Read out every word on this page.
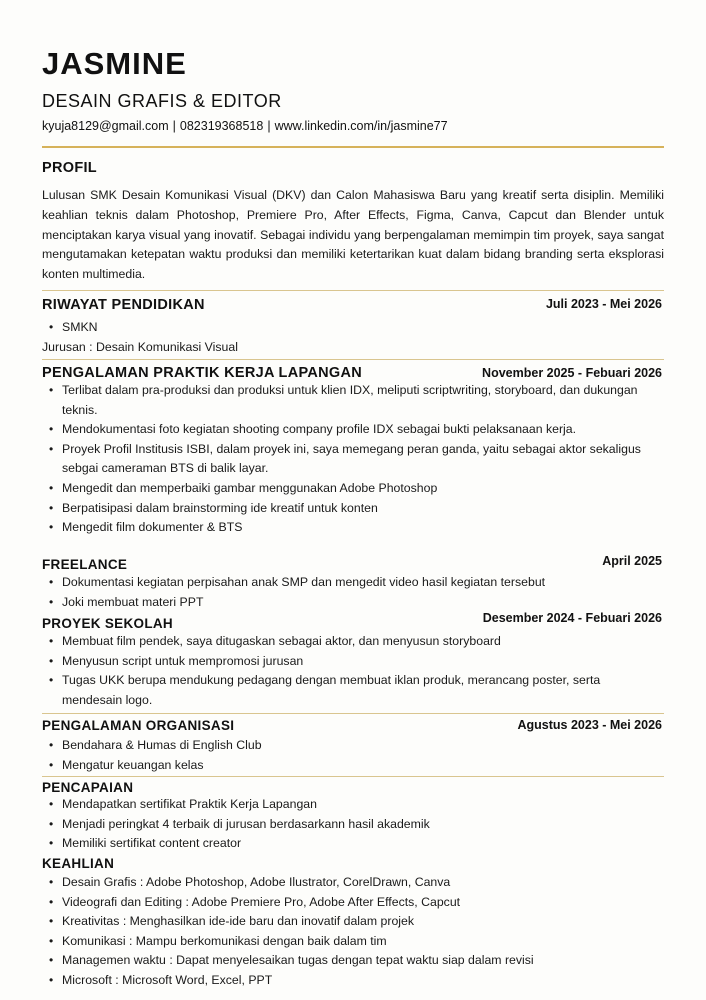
JASMINE
DESAIN GRAFIS & EDITOR
kyuja8129@gmail.com | 082319368518 | www.linkedin.com/in/jasmine77
PROFIL
Lulusan SMK Desain Komunikasi Visual (DKV) dan Calon Mahasiswa Baru yang kreatif serta disiplin. Memiliki keahlian teknis dalam Photoshop, Premiere Pro, After Effects, Figma, Canva, Capcut dan Blender untuk menciptakan karya visual yang inovatif. Sebagai individu yang berpengalaman memimpin tim proyek, saya sangat mengutamakan ketepatan waktu produksi dan memiliki ketertarikan kuat dalam bidang branding serta eksplorasi konten multimedia.
RIWAYAT PENDIDIKAN	Juli 2023 - Mei 2026
• SMKN
Jurusan : Desain Komunikasi Visual
PENGALAMAN PRAKTIK KERJA LAPANGAN	November 2025 - Febuari 2026
• Terlibat dalam pra-produksi dan produksi untuk klien IDX, meliputi scriptwriting, storyboard, dan dukungan teknis.
• Mendokumentasi foto kegiatan shooting company profile IDX sebagai bukti pelaksanaan kerja.
• Proyek Profil Institusis ISBI, dalam proyek ini, saya memegang peran ganda, yaitu sebagai aktor sekaligus sebgai cameraman BTS di balik layar.
• Mengedit dan memperbaiki gambar menggunakan Adobe Photoshop
• Berpatisipasi dalam brainstorming ide kreatif untuk konten
• Mengedit film dokumenter & BTS
FREELANCE	April 2025
• Dokumentasi kegiatan perpisahan anak SMP dan mengedit video hasil kegiatan tersebut
• Joki membuat materi PPT
PROYEK SEKOLAH	Desember 2024 - Febuari 2026
• Membuat film pendek, saya ditugaskan sebagai aktor, dan menyusun storyboard
• Menyusun script untuk mempromosi jurusan
• Tugas UKK berupa mendukung pedagang dengan membuat iklan produk, merancang poster, serta mendesain logo.
PENGALAMAN ORGANISASI	Agustus 2023 - Mei 2026
• Bendahara & Humas di English Club
• Mengatur keuangan kelas
PENCAPAIAN
• Mendapatkan sertifikat Praktik Kerja Lapangan
• Menjadi peringkat 4 terbaik di jurusan berdasarkann hasil akademik
• Memiliki sertifikat content creator
KEAHLIAN
• Desain Grafis : Adobe Photoshop, Adobe Ilustrator, CorelDrawn, Canva
• Videografi dan Editing : Adobe Premiere Pro, Adobe After Effects, Capcut
• Kreativitas : Menghasilkan ide-ide baru dan inovatif dalam projek
• Komunikasi : Mampu berkomunikasi dengan baik dalam tim
• Managemen waktu : Dapat menyelesaikan tugas dengan tepat waktu siap dalam revisi
• Microsoft : Microsoft Word, Excel, PPT
